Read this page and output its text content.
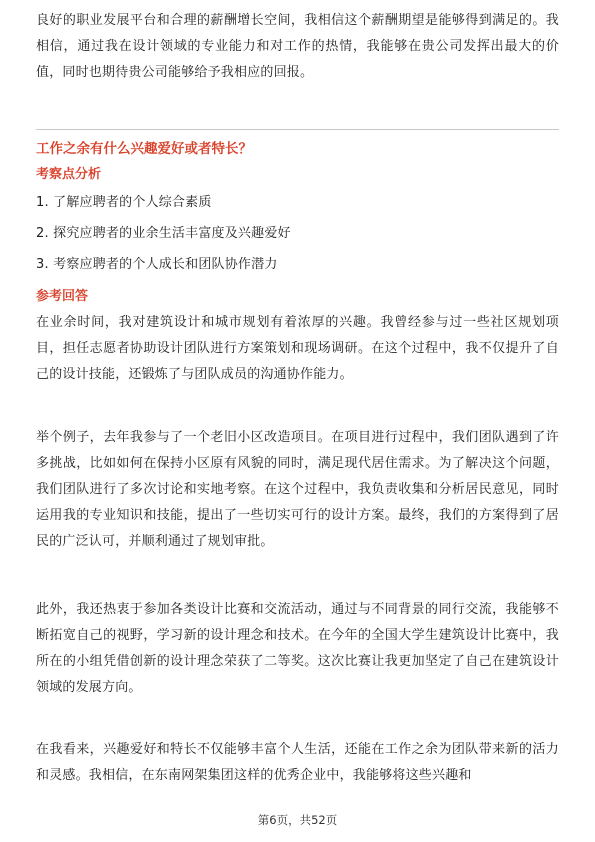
良好的职业发展平台和合理的薪酬增长空间，我相信这个薪酬期望是能够得到满足的。我相信，通过我在设计领域的专业能力和对工作的热情，我能够在贵公司发挥出最大的价值，同时也期待贵公司能够给予我相应的回报。

工作之余有什么兴趣爱好或者特长？
考察点分析
1. 了解应聘者的个人综合素质
2. 探究应聘者的业余生活丰富度及兴趣爱好
3. 考察应聘者的个人成长和团队协作潜力
参考回答

在业余时间，我对建筑设计和城市规划有着浓厚的兴趣。我曾经参与过一些社区规划项目，担任志愿者协助设计团队进行方案策划和现场调研。在这个过程中，我不仅提升了自己的设计技能，还锻炼了与团队成员的沟通协作能力。

举个例子，去年我参与了一个老旧小区改造项目。在项目进行过程中，我们团队遇到了许多挑战，比如如何在保持小区原有风貌的同时，满足现代居住需求。为了解决这个问题，我们团队进行了多次讨论和实地考察。在这个过程中，我负责收集和分析居民意见，同时运用我的专业知识和技能，提出了一些切实可行的设计方案。最终，我们的方案得到了居民的广泛认可，并顺利通过了规划审批。

此外，我还热衷于参加各类设计比赛和交流活动，通过与不同背景的同行交流，我能够不断拓宽自己的视野，学习新的设计理念和技术。在今年的全国大学生建筑设计比赛中，我所在的小组凭借创新的设计理念荣获了二等奖。这次比赛让我更加坚定了自己在建筑设计领域的发展方向。

在我看来，兴趣爱好和特长不仅能够丰富个人生活，还能在工作之余为团队带来新的活力和灵感。我相信，在东南网架集团这样的优秀企业中，我能够将这些兴趣和

第6页，共52页
